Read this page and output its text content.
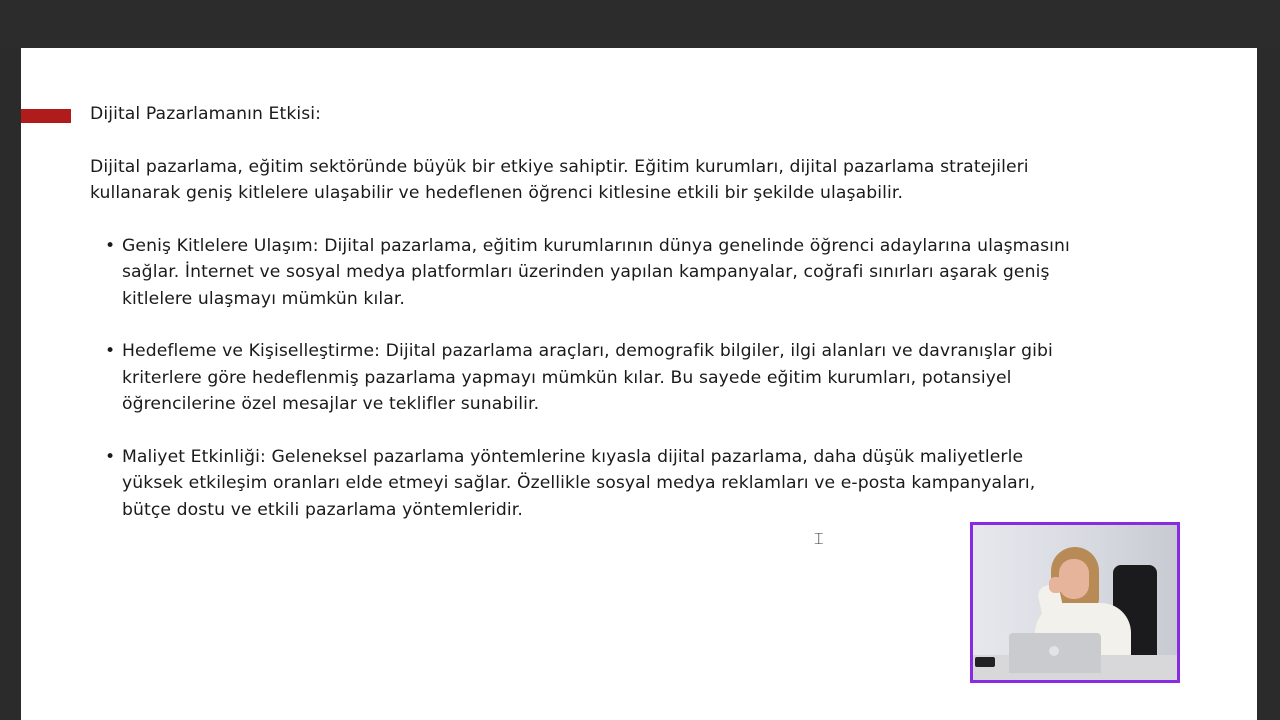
Dijital Pazarlamanın Etkisi:

Dijital pazarlama, eğitim sektöründe büyük bir etkiye sahiptir. Eğitim kurumları, dijital pazarlama stratejileri kullanarak geniş kitlelere ulaşabilir ve hedeflenen öğrenci kitlesine etkili bir şekilde ulaşabilir.

• Geniş Kitlelere Ulaşım: Dijital pazarlama, eğitim kurumlarının dünya genelinde öğrenci adaylarına ulaşmasını sağlar. İnternet ve sosyal medya platformları üzerinden yapılan kampanyalar, coğrafi sınırları aşarak geniş kitlelere ulaşmayı mümkün kılar.
• Hedefleme ve Kişiselleştirme: Dijital pazarlama araçları, demografik bilgiler, ilgi alanları ve davranışlar gibi kriterlere göre hedeflenmiş pazarlama yapmayı mümkün kılar. Bu sayede eğitim kurumları, potansiyel öğrencilerine özel mesajlar ve teklifler sunabilir.
• Maliyet Etkinliği: Geleneksel pazarlama yöntemlerine kıyasla dijital pazarlama, daha düşük maliyetlerle yüksek etkileşim oranları elde etmeyi sağlar. Özellikle sosyal medya reklamları ve e-posta kampanyaları, bütçe dostu ve etkili pazarlama yöntemleridir.
⌶
